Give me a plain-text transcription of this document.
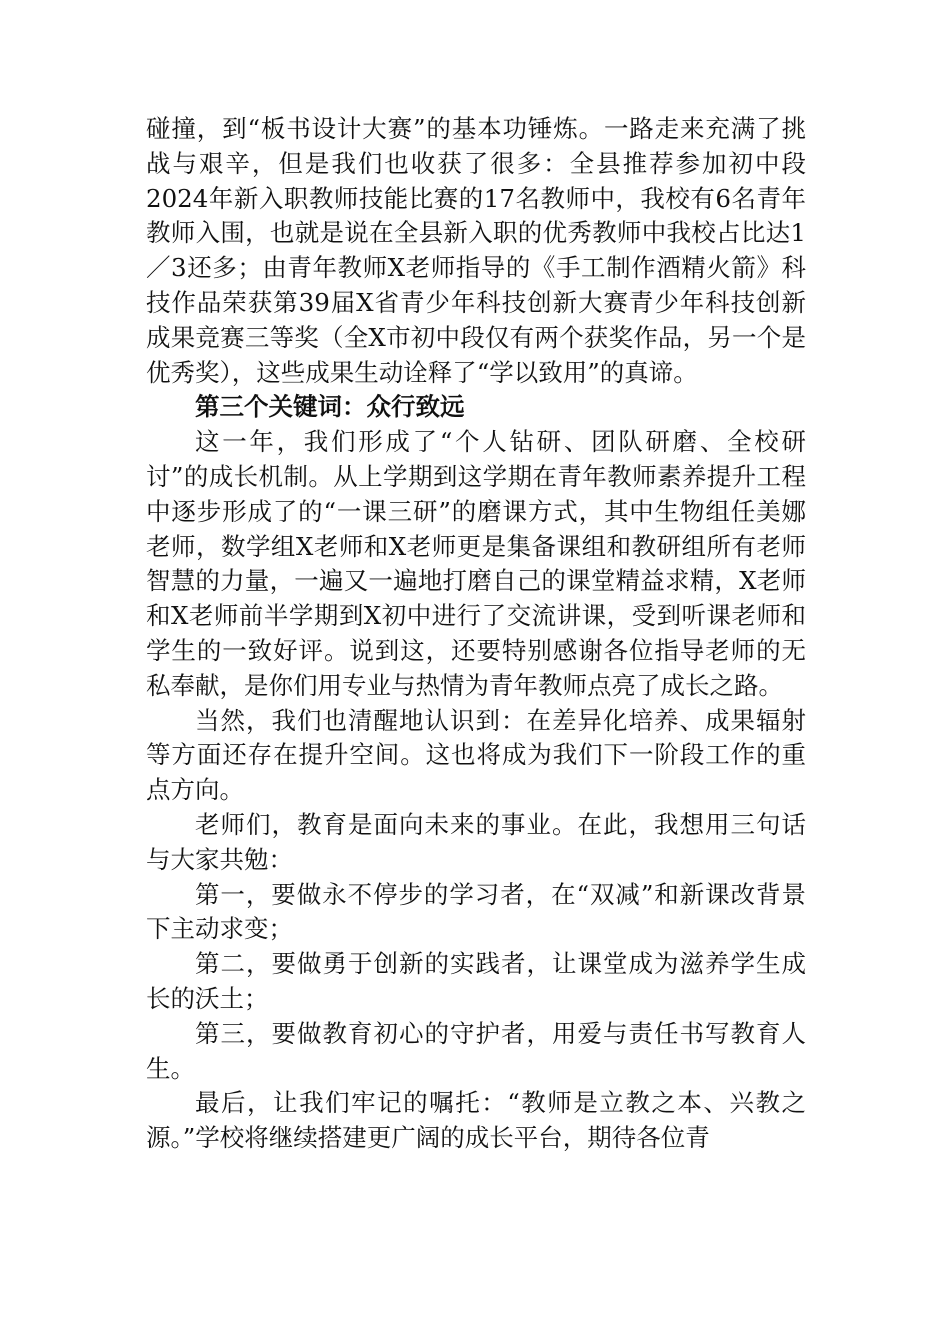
碰撞，到“板书设计大赛”的基本功锤炼。一路走来充满了挑战与艰辛，但是我们也收获了很多：全县推荐参加初中段2024年新入职教师技能比赛的17名教师中，我校有6名青年教师入围，也就是说在全县新入职的优秀教师中我校占比达1／3还多；由青年教师X老师指导的《手工制作酒精火箭》科技作品荣获第39届X省青少年科技创新大赛青少年科技创新成果竞赛三等奖（全X市初中段仅有两个获奖作品，另一个是优秀奖），这些成果生动诠释了“学以致用”的真谛。

第三个关键词：众行致远

这一年，我们形成了“个人钻研、团队研磨、全校研讨”的成长机制。从上学期到这学期在青年教师素养提升工程中逐步形成了的“一课三研”的磨课方式，其中生物组任美娜老师，数学组X老师和X老师更是集备课组和教研组所有老师智慧的力量，一遍又一遍地打磨自己的课堂精益求精，X老师和X老师前半学期到X初中进行了交流讲课，受到听课老师和学生的一致好评。说到这，还要特别感谢各位指导老师的无私奉献，是你们用专业与热情为青年教师点亮了成长之路。

当然，我们也清醒地认识到：在差异化培养、成果辐射等方面还存在提升空间。这也将成为我们下一阶段工作的重点方向。

老师们，教育是面向未来的事业。在此，我想用三句话与大家共勉：

第一，要做永不停步的学习者，在“双减”和新课改背景下主动求变；

第二，要做勇于创新的实践者，让课堂成为滋养学生成长的沃土；

第三，要做教育初心的守护者，用爱与责任书写教育人生。

最后，让我们牢记的嘱托：“教师是立教之本、兴教之源。”学校将继续搭建更广阔的成长平台，期待各位青
